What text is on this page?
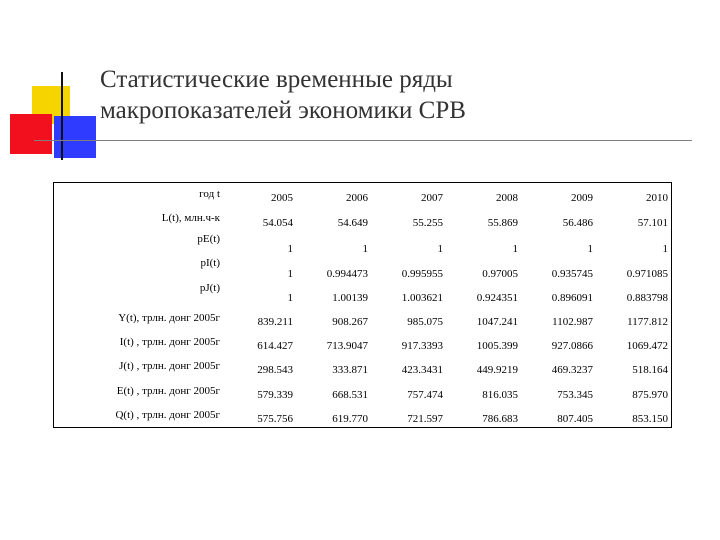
Статистические временные ряды
макропоказателей экономики СРВ
год t	2005	2006	2007	2008	2009	2010
L(t), млн.ч-к	54.054	54.649	55.255	55.869	56.486	57.101
pE(t)	1	1	1	1	1	1
pI(t)	1	0.994473	0.995955	0.97005	0.935745	0.971085
pJ(t)	1	1.00139	1.003621	0.924351	0.896091	0.883798
Y(t), трлн. донг 2005г	839.211	908.267	985.075	1047.241	1102.987	1177.812
I(t) , трлн. донг 2005г	614.427	713.9047	917.3393	1005.399	927.0866	1069.472
J(t) , трлн. донг 2005г	298.543	333.871	423.3431	449.9219	469.3237	518.164
E(t) , трлн. донг 2005г	579.339	668.531	757.474	816.035	753.345	875.970
Q(t) , трлн. донг 2005г	575.756	619.770	721.597	786.683	807.405	853.150
